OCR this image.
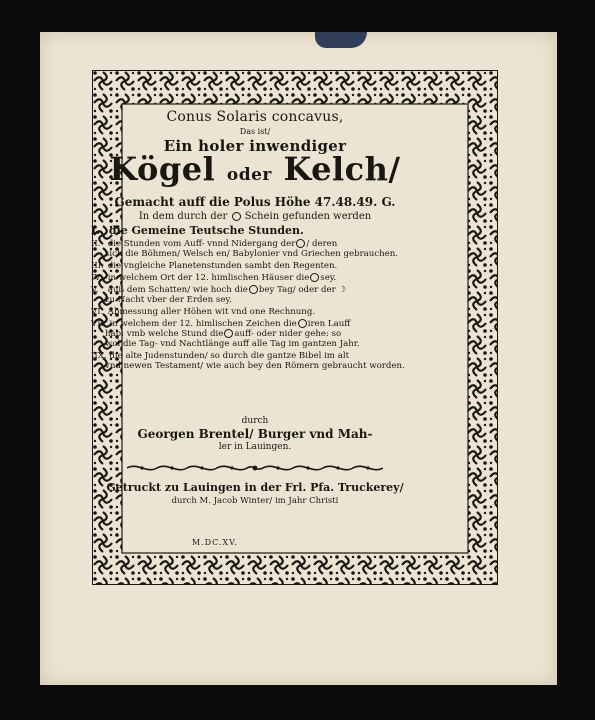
Conus Solaris concavus,
Das ist/
Ein holer inwendiger
Kögel oder Kelch/
Gemacht auff die Polus Höhe 47.48.49. G.
In dem durch der Schein gefunden werden
I. die Gemeine Teutsche Stunden.
II. die Stunden vom Auff- vnnd Nidergang der / deren
sich die Böhmen/ Welsch en/ Babylonier vnd Griechen gebrauchen.
III. die vngleiche Planetenstunden sambt den Regenten.
IV. in welchem Ort der 12. himlischen Häuser die sey.
V. auß dem Schatten/ wie hoch die bey Tag/ oder der ☽
zu Nacht vber der Erden sey.
VI. Abmessung aller Höhen wit vnd one Rechnung.
VII. in welchem der 12. himlischen Zeichen die iren Lauff
hab: vmb welche Stund die auff- oder nider gehe: so
wol die Tag- vnd Nachtlänge auff alle Tag im gantzen Jahr.
IIX. die alte Judenstunden/ so durch die gantze Bibel im alt
vnd newen Testament/ wie auch bey den Römern gebraucht worden.
durch
Georgen Brentel/ Burger vnd Mah-
ler in Lauingen.
Getruckt zu Lauingen in der Frl. Pfa. Truckerey/
durch M. Jacob Winter/ im Jahr Christi
M.DC.XV.
